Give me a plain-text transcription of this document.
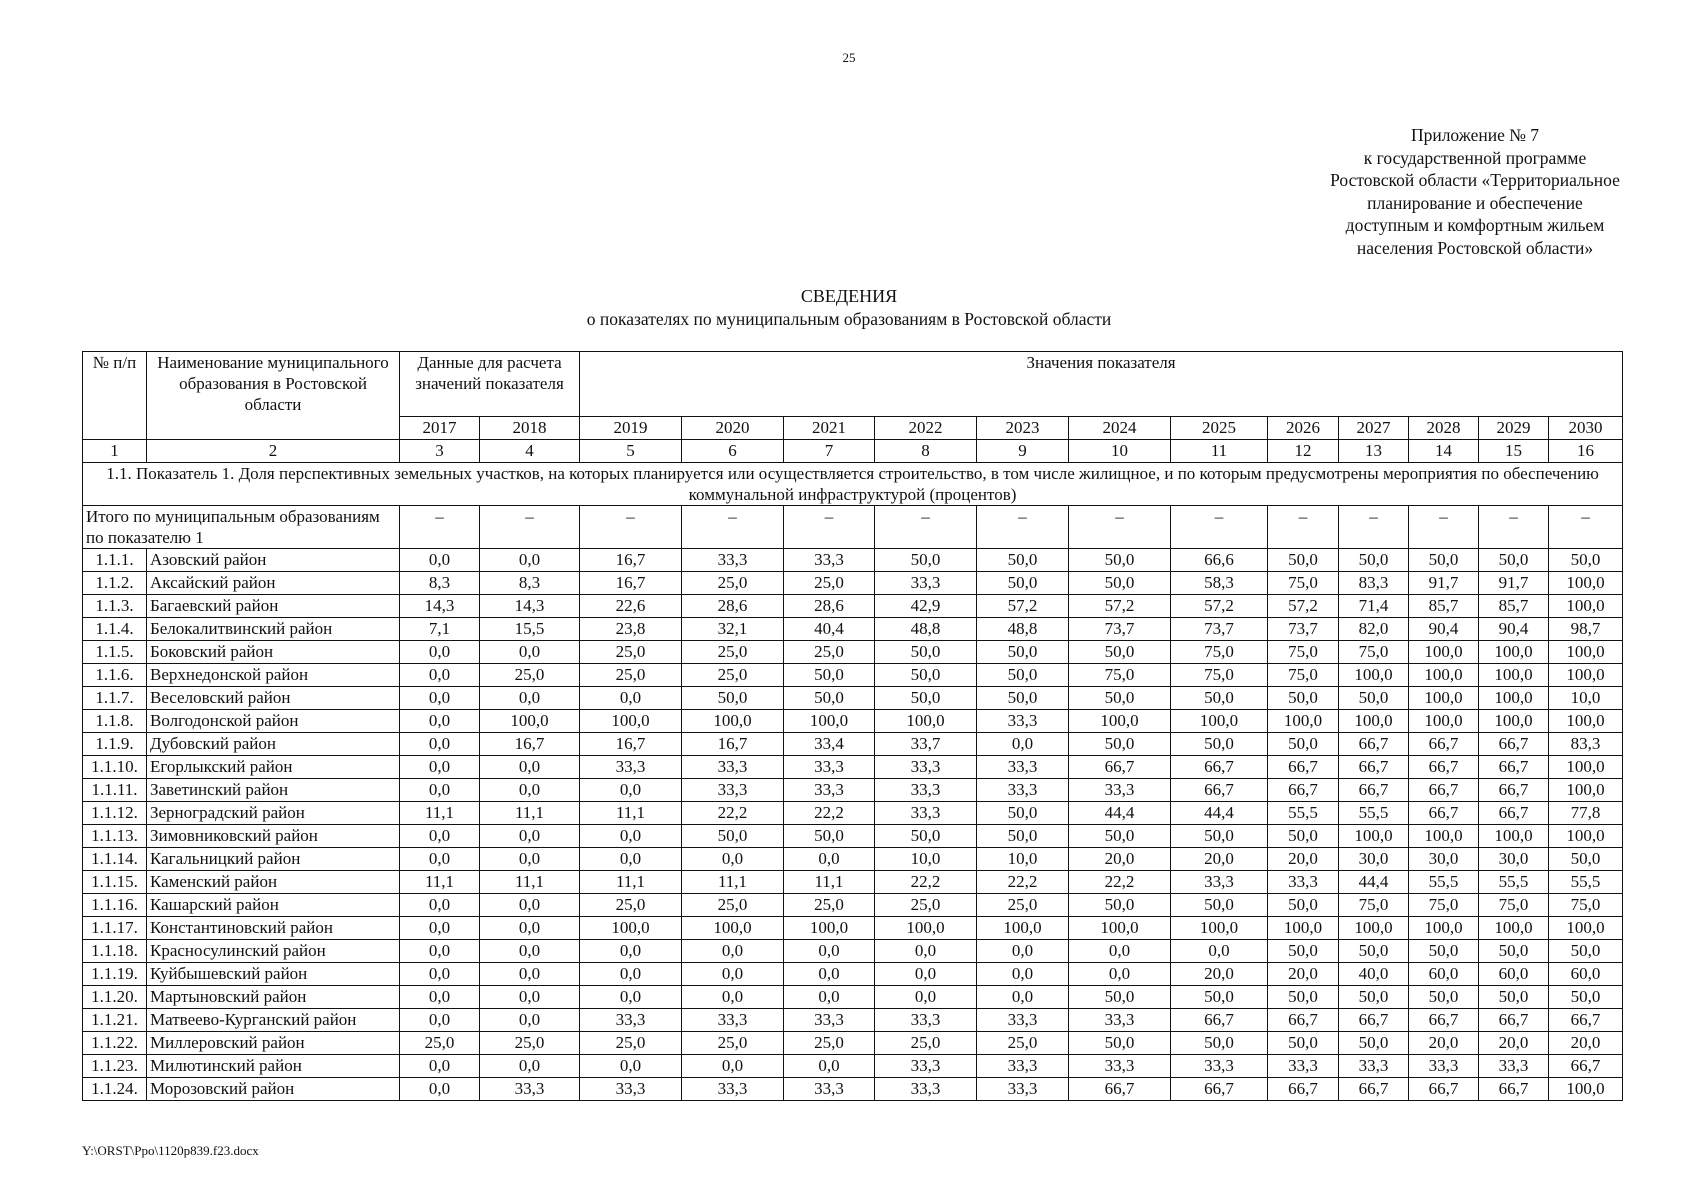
25
Приложение № 7
к государственной программе
Ростовской области «Территориальное
планирование и обеспечение
доступным и комфортным жильем
населения Ростовской области»
СВЕДЕНИЯ
о показателях по муниципальным образованиям в Ростовской области
№ п/п	Наименование муниципального образования в Ростовской области	Данные для расчета значений показателя		Значения показателя											
		2017	2018	2019	2020	2021	2022	2023	2024	2025	2026	2027	2028	2029	2030
1	2	3	4	5	6	7	8	9	10	11	12	13	14	15	16
1.1. Показатель 1. Доля перспективных земельных участков, на которых планируется или осуществляется строительство, в том числе жилищное, и по которым предусмотрены мероприятия по обеспечению коммунальной инфраструктурой (процентов)															
Итого по муниципальным образованиям по показателю 1		–	–	–	–	–	–	–	–	–	–	–	–	–	–
1.1.1.	Азовский район	0,0	0,0	16,7	33,3	33,3	50,0	50,0	50,0	66,6	50,0	50,0	50,0	50,0	50,0
1.1.2.	Аксайский район	8,3	8,3	16,7	25,0	25,0	33,3	50,0	50,0	58,3	75,0	83,3	91,7	91,7	100,0
1.1.3.	Багаевский район	14,3	14,3	22,6	28,6	28,6	42,9	57,2	57,2	57,2	57,2	71,4	85,7	85,7	100,0
1.1.4.	Белокалитвинский район	7,1	15,5	23,8	32,1	40,4	48,8	48,8	73,7	73,7	73,7	82,0	90,4	90,4	98,7
1.1.5.	Боковский район	0,0	0,0	25,0	25,0	25,0	50,0	50,0	50,0	75,0	75,0	75,0	100,0	100,0	100,0
1.1.6.	Верхнедонской район	0,0	25,0	25,0	25,0	50,0	50,0	50,0	75,0	75,0	75,0	100,0	100,0	100,0	100,0
1.1.7.	Веселовский район	0,0	0,0	0,0	50,0	50,0	50,0	50,0	50,0	50,0	50,0	50,0	100,0	100,0	10,0
1.1.8.	Волгодонской район	0,0	100,0	100,0	100,0	100,0	100,0	33,3	100,0	100,0	100,0	100,0	100,0	100,0	100,0
1.1.9.	Дубовский район	0,0	16,7	16,7	16,7	33,4	33,7	0,0	50,0	50,0	50,0	66,7	66,7	66,7	83,3
1.1.10.	Егорлыкский район	0,0	0,0	33,3	33,3	33,3	33,3	33,3	66,7	66,7	66,7	66,7	66,7	66,7	100,0
1.1.11.	Заветинский район	0,0	0,0	0,0	33,3	33,3	33,3	33,3	33,3	66,7	66,7	66,7	66,7	66,7	100,0
1.1.12.	Зерноградский район	11,1	11,1	11,1	22,2	22,2	33,3	50,0	44,4	44,4	55,5	55,5	66,7	66,7	77,8
1.1.13.	Зимовниковский район	0,0	0,0	0,0	50,0	50,0	50,0	50,0	50,0	50,0	50,0	100,0	100,0	100,0	100,0
1.1.14.	Кагальницкий район	0,0	0,0	0,0	0,0	0,0	10,0	10,0	20,0	20,0	20,0	30,0	30,0	30,0	50,0
1.1.15.	Каменский район	11,1	11,1	11,1	11,1	11,1	22,2	22,2	22,2	33,3	33,3	44,4	55,5	55,5	55,5
1.1.16.	Кашарский район	0,0	0,0	25,0	25,0	25,0	25,0	25,0	50,0	50,0	50,0	75,0	75,0	75,0	75,0
1.1.17.	Константиновский район	0,0	0,0	100,0	100,0	100,0	100,0	100,0	100,0	100,0	100,0	100,0	100,0	100,0	100,0
1.1.18.	Красносулинский район	0,0	0,0	0,0	0,0	0,0	0,0	0,0	0,0	0,0	50,0	50,0	50,0	50,0	50,0
1.1.19.	Куйбышевский район	0,0	0,0	0,0	0,0	0,0	0,0	0,0	0,0	20,0	20,0	40,0	60,0	60,0	60,0
1.1.20.	Мартыновский район	0,0	0,0	0,0	0,0	0,0	0,0	0,0	50,0	50,0	50,0	50,0	50,0	50,0	50,0
1.1.21.	Матвеево-Курганский район	0,0	0,0	33,3	33,3	33,3	33,3	33,3	33,3	66,7	66,7	66,7	66,7	66,7	66,7
1.1.22.	Миллеровский район	25,0	25,0	25,0	25,0	25,0	25,0	25,0	50,0	50,0	50,0	50,0	20,0	20,0	20,0
1.1.23.	Милютинский район	0,0	0,0	0,0	0,0	0,0	33,3	33,3	33,3	33,3	33,3	33,3	33,3	33,3	66,7
1.1.24.	Морозовский район	0,0	33,3	33,3	33,3	33,3	33,3	33,3	66,7	66,7	66,7	66,7	66,7	66,7	100,0
Y:\ORST\Ppo\1120p839.f23.docx
